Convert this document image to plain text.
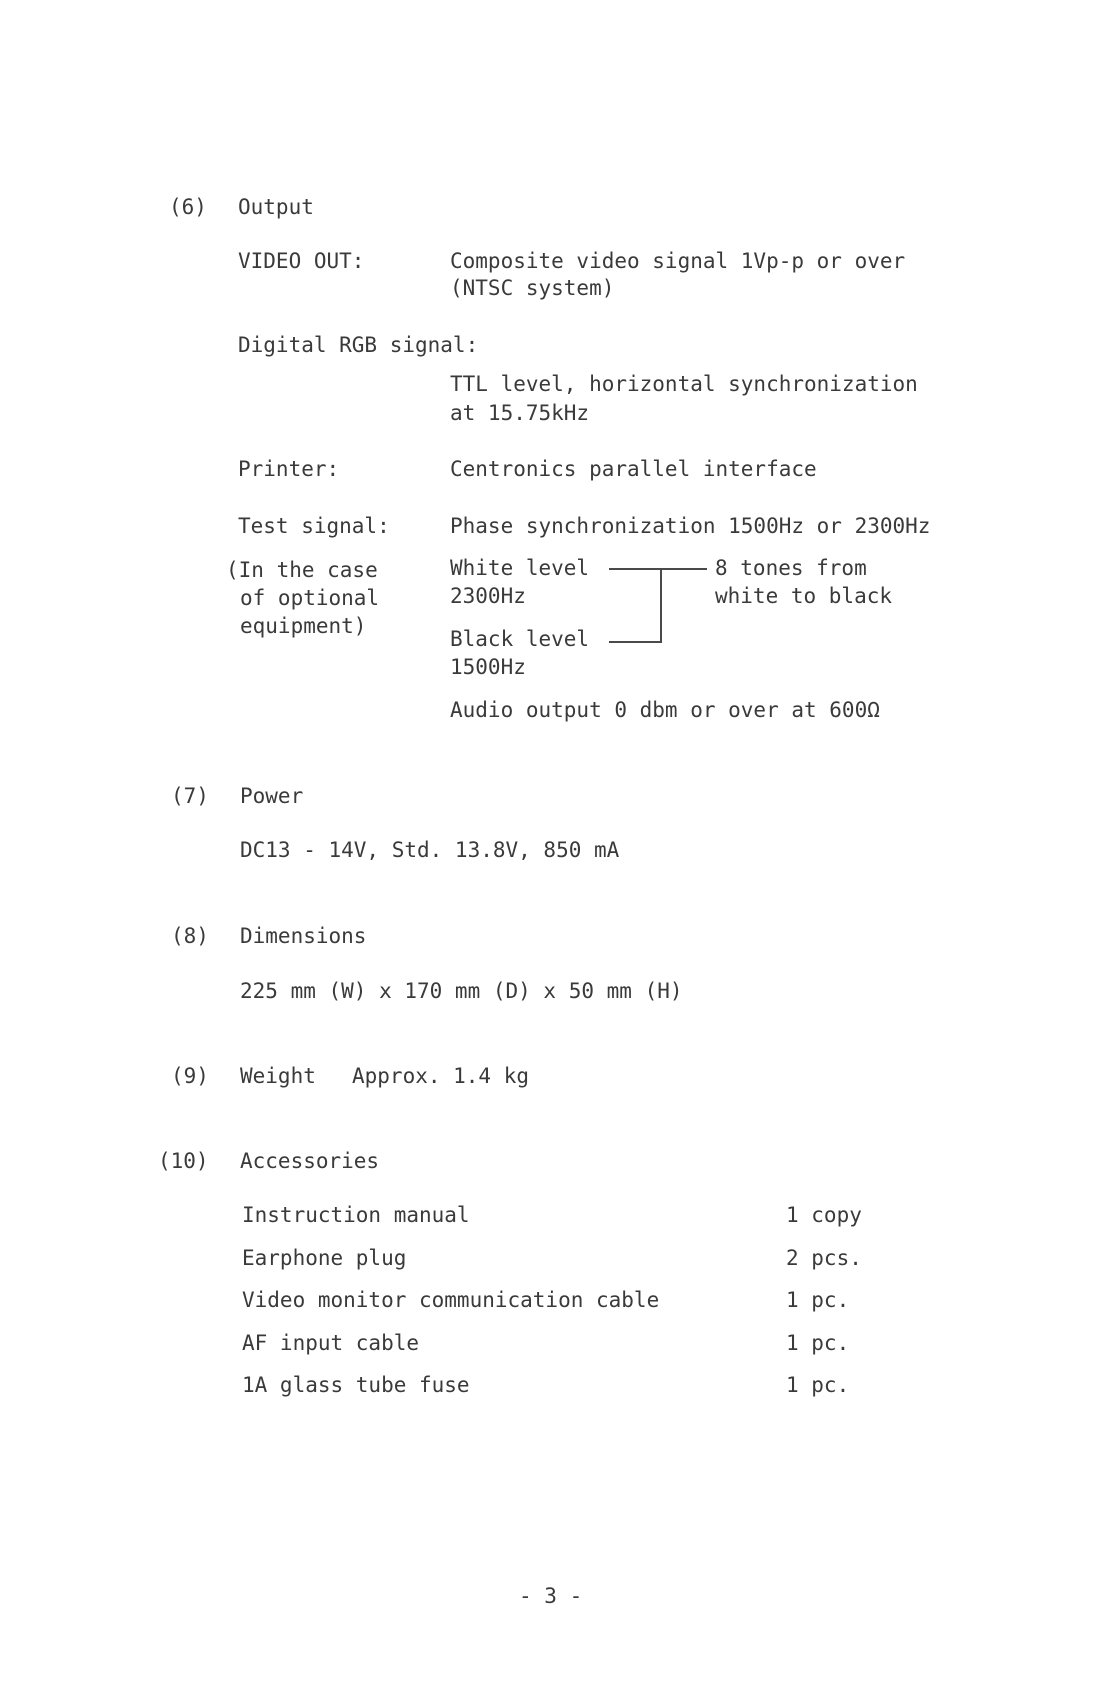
(6) Output
VIDEO OUT:	Composite video signal 1Vp-p or over
(NTSC system)
Digital RGB signal:
TTL level, horizontal synchronization
at 15.75kHz
Printer:	Centronics parallel interface
Test signal:	Phase synchronization 1500Hz or 2300Hz
(In the case
of optional
equipment)
White level
2300Hz
Black level
1500Hz
8 tones from
white to black
Audio output 0 dbm or over at 600Ω
(7) Power
DC13 - 14V, Std. 13.8V, 850 mA
(8) Dimensions
225 mm (W) x 170 mm (D) x 50 mm (H)
(9) Weight Approx. 1.4 kg
(10) Accessories
Instruction manual	1 copy
Earphone plug	2 pcs.
Video monitor communication cable	1 pc.
AF input cable	1 pc.
1A glass tube fuse	1 pc.
- 3 -
